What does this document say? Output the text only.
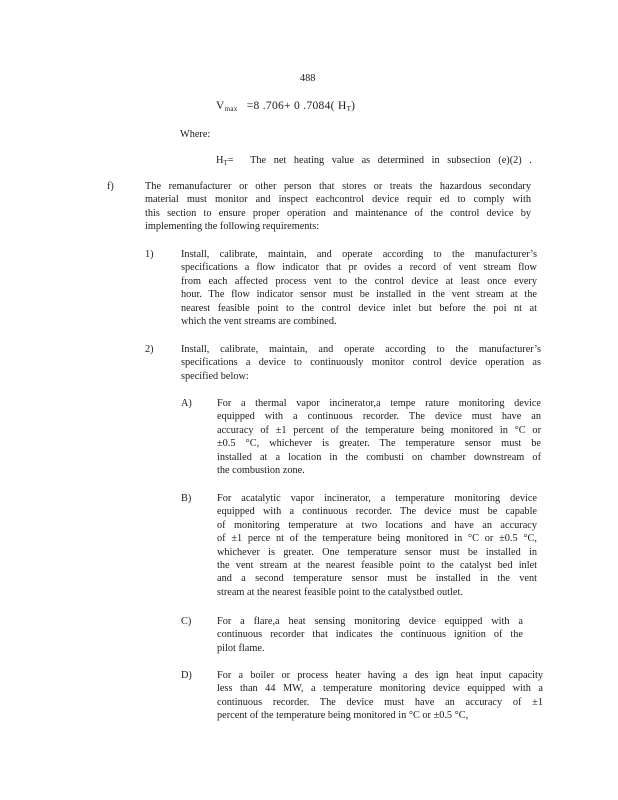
488
$V_{max} =8$ .706+ 0 .7084( $H_T$)
Where:
$H_T=$ The net heating value as determined in subsection (e)(2) .
f)	The remanufacturer or other person that stores or treats the hazardous secondary
material must monitor and inspect eachcontrol device requir ed to comply with
this section to ensure proper operation and maintenance of the control device by
implementing the following requirements:
1)	Install, calibrate, maintain, and operate according to the manufacturer’s
specifications a flow indicator that pr ovides a record of vent stream flow
from each affected process vent to the control device at least once every
hour. The flow indicator sensor must be installed in the vent stream at the
nearest feasible point to the control device inlet but before the poi nt at
which the vent streams are combined.
2)	Install, calibrate, maintain, and operate according to the manufacturer’s
specifications a device to continuously monitor control device operation as
specified below:
A) For a thermal vapor incinerator,a tempe rature monitoring device
equipped with a continuous recorder. The device must have an
accuracy of ±1 percent of the temperature being monitored in °C or
±0.5 °C, whichever is greater. The temperature sensor must be
installed at a location in the combusti on chamber downstream of
the combustion zone.
B) For acatalytic vapor incinerator, a temperature monitoring device
equipped with a continuous recorder. The device must be capable
of monitoring temperature at two locations and have an accuracy
of ±1 perce nt of the temperature being monitored in °C or ±0.5 °C,
whichever is greater. One temperature sensor must be installed in
the vent stream at the nearest feasible point to the catalyst bed inlet
and a second temperature sensor must be installed in the vent
stream at the nearest feasible point to the catalystbed outlet.
C) For a flare,a heat sensing monitoring device equipped with a
continuous recorder that indicates the continuous ignition of the
pilot flame.
D) For a boiler or process heater having a des ign heat input capacity
less than 44 MW, a temperature monitoring device equipped with a
continuous recorder. The device must have an accuracy of ±1
percent of the temperature being monitored in °C or ±0.5 °C,
